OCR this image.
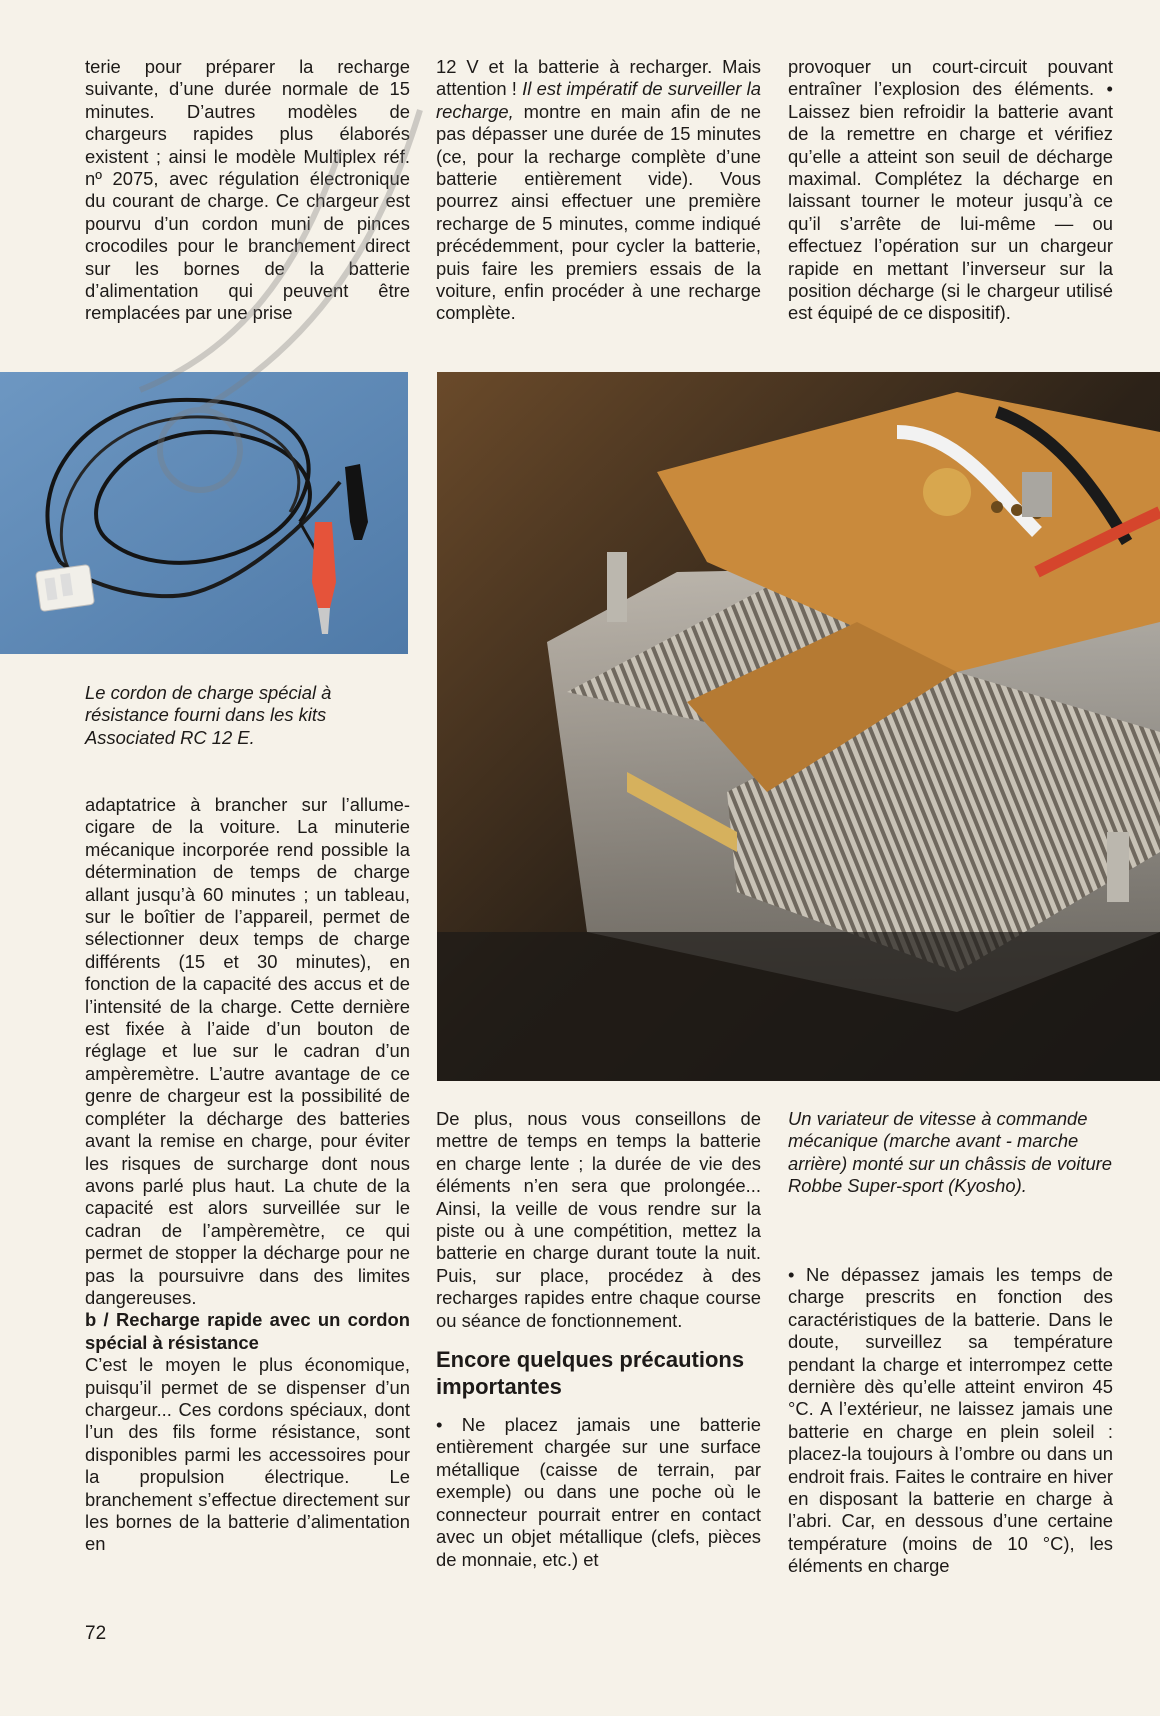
terie pour préparer la recharge suivante, d’une durée normale de 15 minutes. D’autres modèles de chargeurs rapides plus élaborés existent ; ainsi le modèle Multiplex réf. nº 2075, avec régulation électronique du courant de charge. Ce chargeur est pourvu d’un cordon muni de pinces crocodiles pour le branchement direct sur les bornes de la batterie d’alimentation qui peuvent être remplacées par une prise

12 V et la batterie à recharger. Mais attention ! Il est impératif de surveiller la recharge, montre en main afin de ne pas dépasser une durée de 15 minutes (ce, pour la recharge complète d’une batterie entièrement vide). Vous pourrez ainsi effectuer une première recharge de 5 minutes, comme indiqué précédemment, pour cycler la batterie, puis faire les premiers essais de la voiture, enfin procéder à une recharge complète.

provoquer un court-circuit pouvant entraîner l’explosion des éléments. • Laissez bien refroidir la batterie avant de la remettre en charge et vérifiez qu’elle a atteint son seuil de décharge maximal. Complétez la décharge en laissant tourner le moteur jusqu’à ce qu’il s’arrête de lui-même — ou effectuez l’opération sur un chargeur rapide en mettant l’inverseur sur la position décharge (si le chargeur utilisé est équipé de ce dispositif).

Le cordon de charge spécial à résistance fourni dans les kits Associated RC 12 E.

adaptatrice à brancher sur l’allume-cigare de la voiture. La minuterie mécanique incorporée rend possible la détermination de temps de charge allant jusqu’à 60 minutes ; un tableau, sur le boîtier de l’appareil, permet de sélectionner deux temps de charge différents (15 et 30 minutes), en fonction de la capacité des accus et de l’intensité de la charge. Cette dernière est fixée à l’aide d’un bouton de réglage et lue sur le cadran d’un ampèremètre. L’autre avantage de ce genre de chargeur est la possibilité de compléter la décharge des batteries avant la remise en charge, pour éviter les risques de surcharge dont nous avons parlé plus haut. La chute de la capacité est alors surveillée sur le cadran de l’ampèremètre, ce qui permet de stopper la décharge pour ne pas la poursuivre dans des limites dangereuses.

b / Recharge rapide avec un cordon spécial à résistance

C’est le moyen le plus économique, puisqu’il permet de se dispenser d’un chargeur... Ces cordons spéciaux, dont l’un des fils forme résistance, sont disponibles parmi les accessoires pour la propulsion électrique. Le branchement s’effectue directement sur les bornes de la batterie d’alimentation en

De plus, nous vous conseillons de mettre de temps en temps la batterie en charge lente ; la durée de vie des éléments n’en sera que prolongée... Ainsi, la veille de vous rendre sur la piste ou à une compétition, mettez la batterie en charge durant toute la nuit. Puis, sur place, procédez à des recharges rapides entre chaque course ou séance de fonctionnement.

Encore quelques précautions importantes

• Ne placez jamais une batterie entièrement chargée sur une surface métallique (caisse de terrain, par exemple) ou dans une poche où le connecteur pourrait entrer en contact avec un objet métallique (clefs, pièces de monnaie, etc.) et

Un variateur de vitesse à commande mécanique (marche avant - marche arrière) monté sur un châssis de voiture Robbe Super-sport (Kyosho).

• Ne dépassez jamais les temps de charge prescrits en fonction des caractéristiques de la batterie. Dans le doute, surveillez sa température pendant la charge et interrompez cette dernière dès qu’elle atteint environ 45 °C. A l’extérieur, ne laissez jamais une batterie en charge en plein soleil : placez-la toujours à l’ombre ou dans un endroit frais. Faites le contraire en hiver en disposant la batterie en charge à l’abri. Car, en dessous d’une certaine température (moins de 10 °C), les éléments en charge

72
